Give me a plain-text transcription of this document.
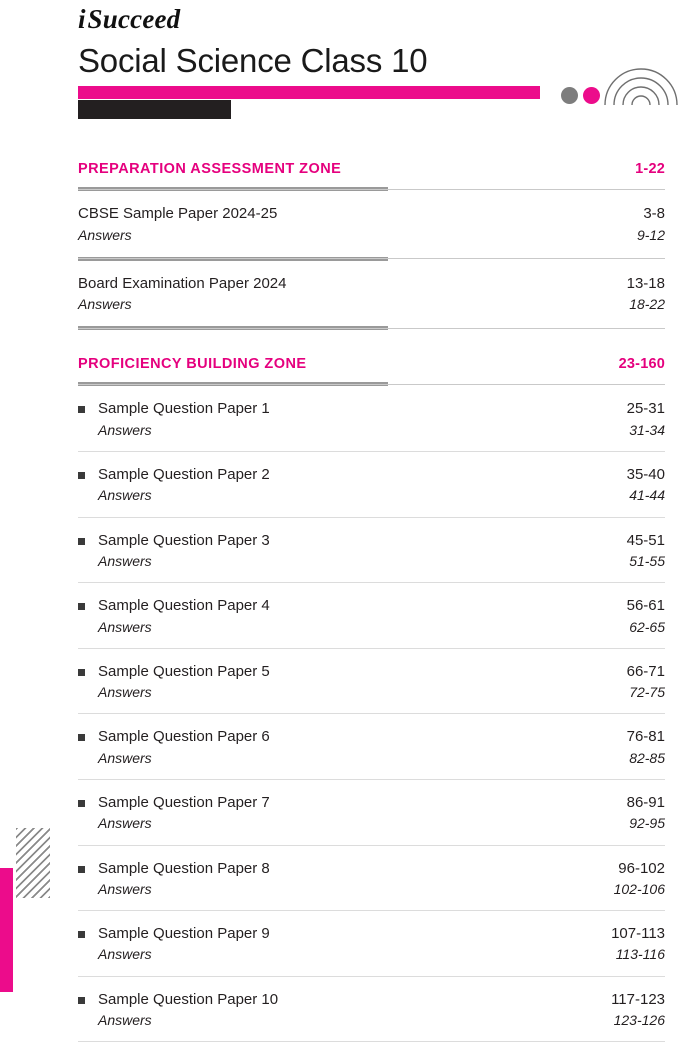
iSucceed
Social Science Class 10
PREPARATION ASSESSMENT ZONE	1-22
CBSE Sample Paper 2024-25
Answers
3-8
9-12
Board Examination Paper 2024
Answers
13-18
18-22
PROFICIENCY BUILDING ZONE	23-160
Sample Question Paper 1
Answers
25-31
31-34
Sample Question Paper 2
Answers
35-40
41-44
Sample Question Paper 3
Answers
45-51
51-55
Sample Question Paper 4
Answers
56-61
62-65
Sample Question Paper 5
Answers
66-71
72-75
Sample Question Paper 6
Answers
76-81
82-85
Sample Question Paper 7
Answers
86-91
92-95
Sample Question Paper 8
Answers
96-102
102-106
Sample Question Paper 9
Answers
107-113
113-116
Sample Question Paper 10
Answers
117-123
123-126
